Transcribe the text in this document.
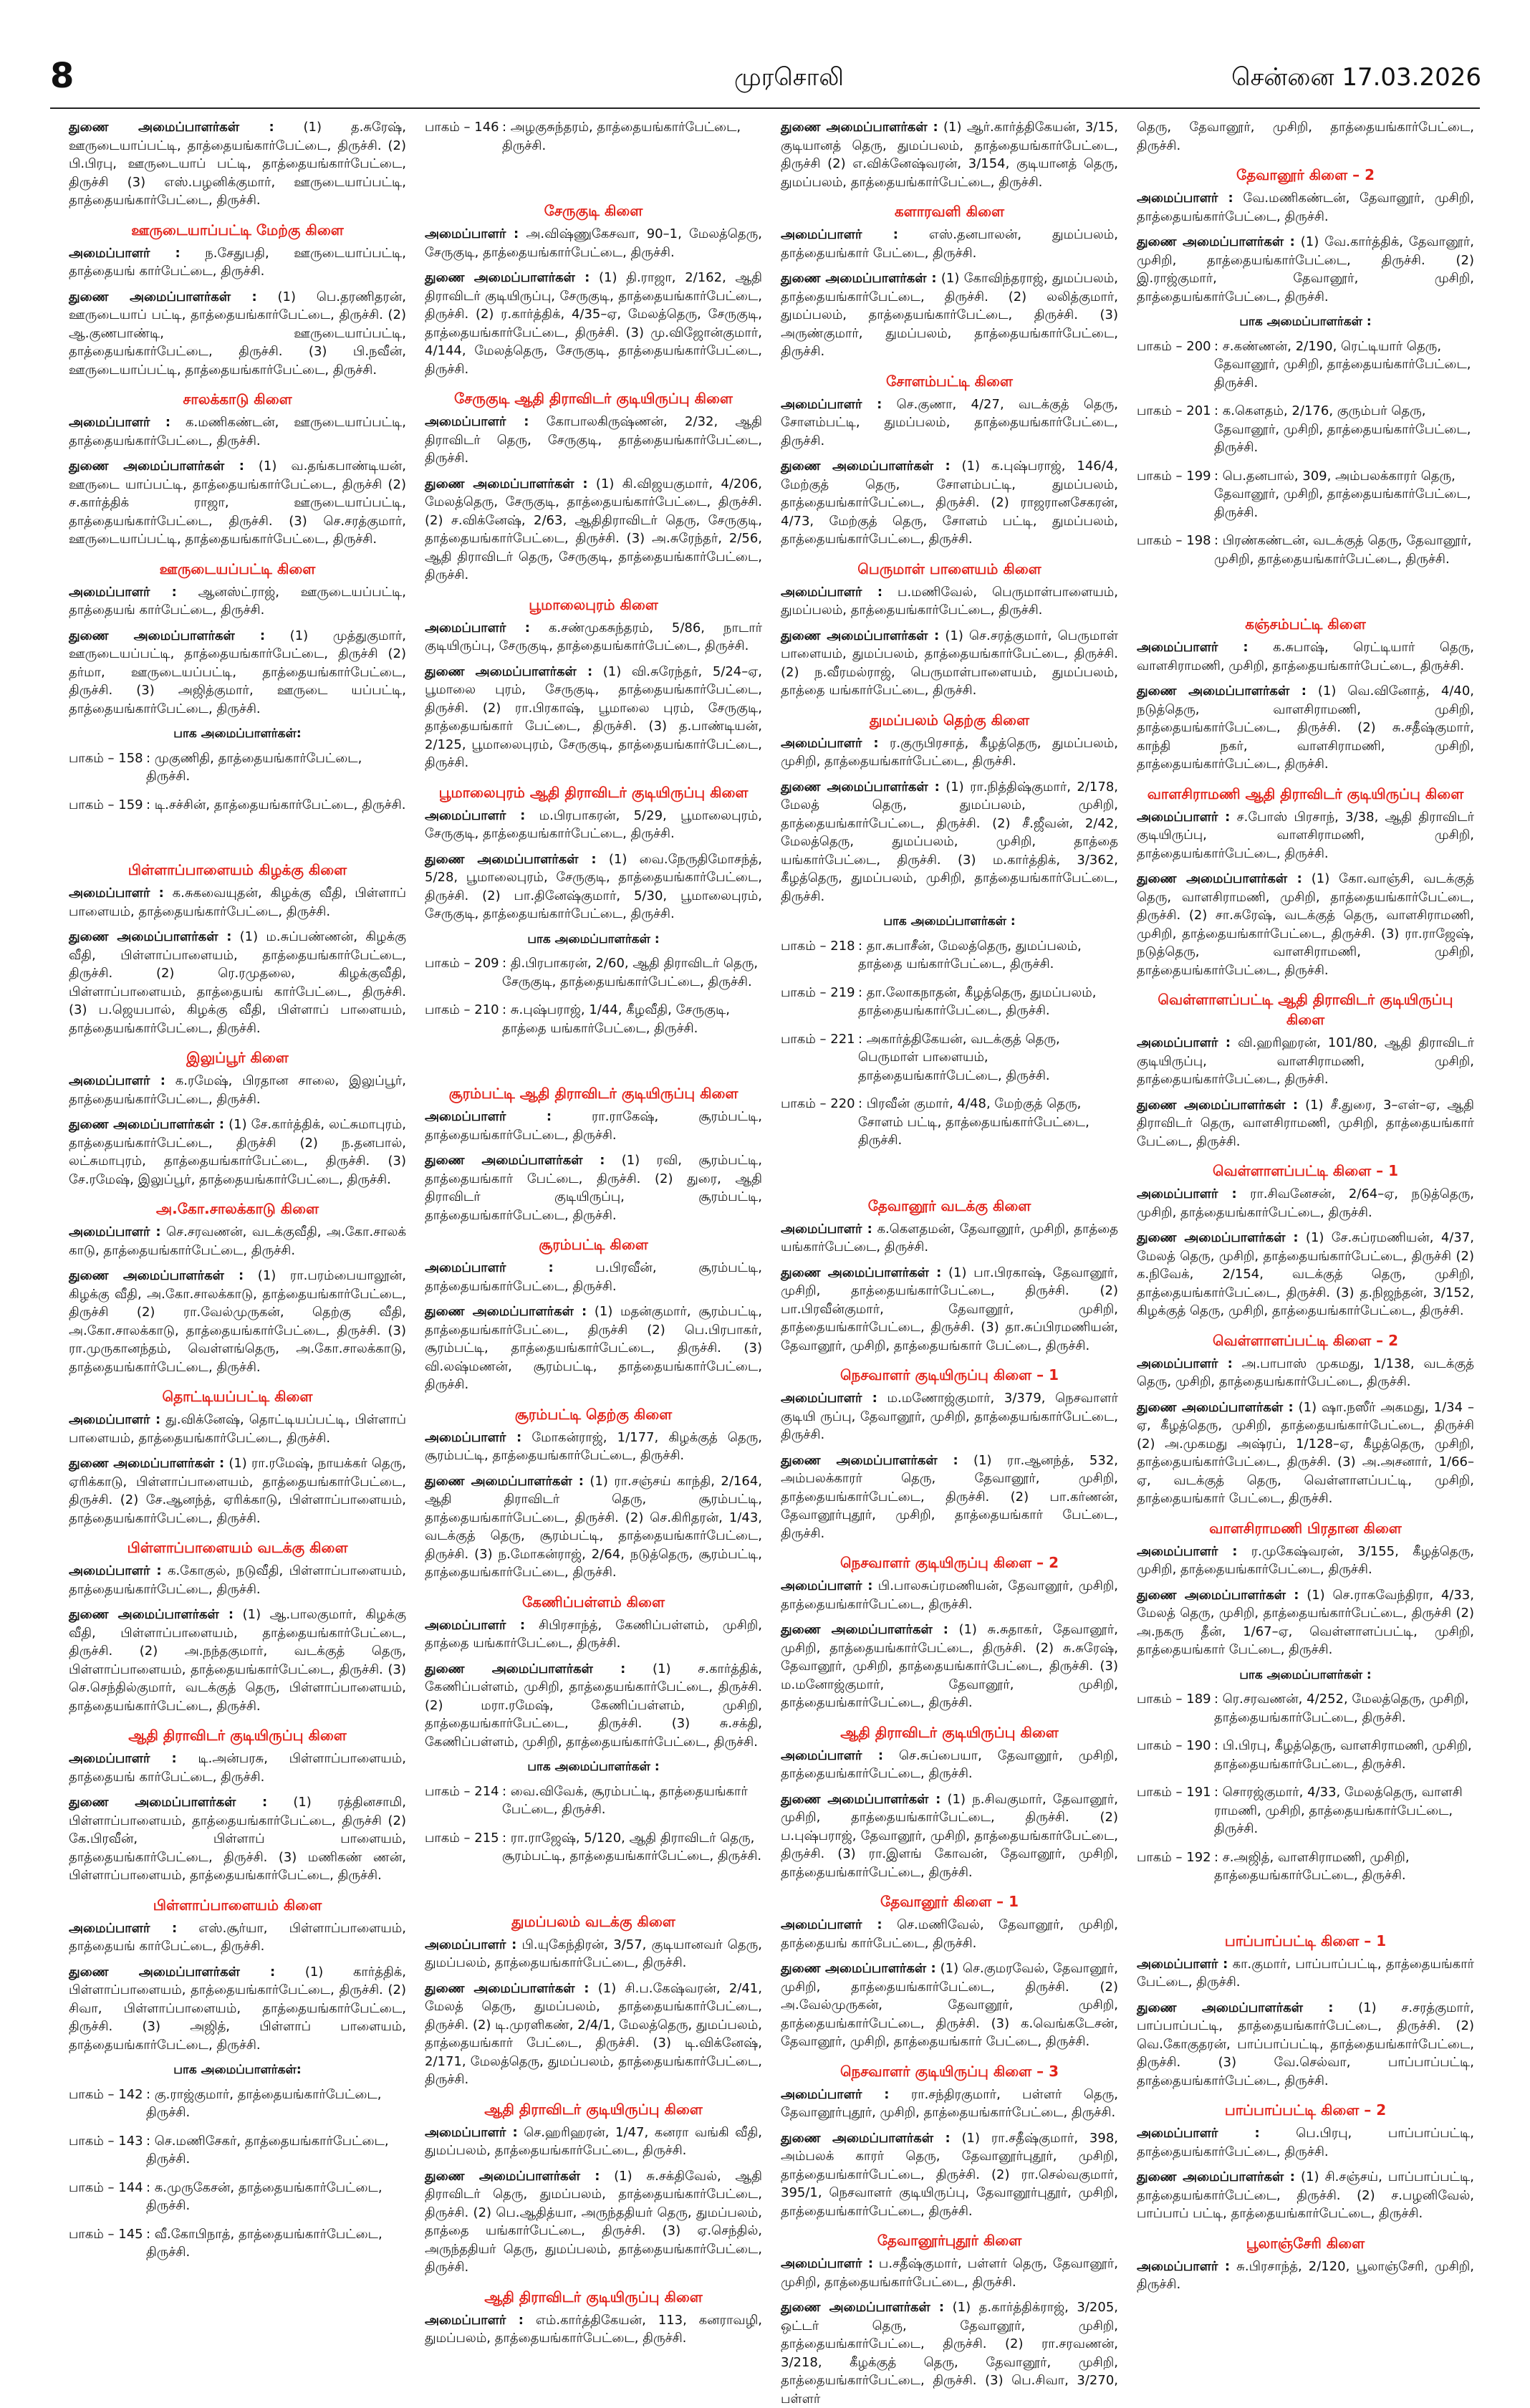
8	முரசொலி	சென்னை 17.03.2026

துணை அமைப்பாளர்கள் : (1) த.சுரேஷ், ஊருடையாப்பட்டி, தாத்தையங்கார்பேட்டை, திருச்சி. (2) பி.பிரபு, ஊருடையாப் பட்டி, தாத்தையங்கார்பேட்டை, திருச்சி (3) எஸ்.பழனிக்குமார், ஊருடையாப்பட்டி, தாத்தையங்கார்பேட்டை, திருச்சி.

ஊருடையாப்பட்டி மேற்கு கிளை

அமைப்பாளர் : ந.சேதுபதி, ஊருடையாப்பட்டி, தாத்தையங் கார்பேட்டை, திருச்சி.

துணை அமைப்பாளர்கள் : (1) பெ.தரணிதரன், ஊருடையாப் பட்டி, தாத்தையங்கார்பேட்டை, திருச்சி. (2) ஆ.குணபாண்டி, ஊருடையாப்பட்டி, தாத்தையங்கார்பேட்டை, திருச்சி. (3) பி.நவீன், ஊருடையாப்பட்டி, தாத்தையங்கார்பேட்டை, திருச்சி.

சாலக்காடு கிளை

அமைப்பாளர் : க.மணிகண்டன், ஊருடையாப்பட்டி, தாத்தையங்கார்பேட்டை, திருச்சி.

துணை அமைப்பாளர்கள் : (1) வ.தங்கபாண்டியன், ஊருடை யாப்பட்டி, தாத்தையங்கார்பேட்டை, திருச்சி (2) ச.கார்த்திக் ராஜா, ஊருடையாப்பட்டி, தாத்தையங்கார்பேட்டை, திருச்சி. (3) செ.சரத்குமார், ஊருடையாப்பட்டி, தாத்தையங்கார்பேட்டை, திருச்சி.

ஊருடையப்பட்டி கிளை

அமைப்பாளர் : ஆனஸ்ட்ராஜ், ஊருடையப்பட்டி, தாத்தையங் கார்பேட்டை, திருச்சி.

துணை அமைப்பாளர்கள் : (1) முத்துகுமார், ஊருடையப்பட்டி, தாத்தையங்கார்பேட்டை, திருச்சி (2) தர்மா, ஊருடையப்பட்டி, தாத்தையங்கார்பேட்டை, திருச்சி. (3) அஜித்குமார், ஊருடை யப்பட்டி, தாத்தையங்கார்பேட்டை, திருச்சி.

பாக அமைப்பாளர்கள்:
பாகம் – 158 : முகுணிதி, தாத்தையங்கார்பேட்டை, திருச்சி.
பாகம் – 159 : டி.சச்சின், தாத்தையங்கார்பேட்டை, திருச்சி.
பிள்ளாப்பாளையம் கிழக்கு கிளை

அமைப்பாளர் : க.சுகவையுதன், கிழக்கு வீதி, பிள்ளாப் பாளையம், தாத்தையங்கார்பேட்டை, திருச்சி.

துணை அமைப்பாளர்கள் : (1) ம.சுப்பண்ணன், கிழக்கு வீதி, பிள்ளாப்பாளையம், தாத்தையங்கார்பேட்டை, திருச்சி. (2) ரெ.ரமுதலை, கிழக்குவீதி, பிள்ளாப்பாளையம், தாத்தையங் கார்பேட்டை, திருச்சி. (3) ப.ஜெயபால், கிழக்கு வீதி, பிள்ளாப் பாளையம், தாத்தையங்கார்பேட்டை, திருச்சி.

இலுப்பூர் கிளை

அமைப்பாளர் : க.ரமேஷ், பிரதான சாலை, இலுப்பூர், தாத்தையங்கார்பேட்டை, திருச்சி.

துணை அமைப்பாளர்கள் : (1) சே.கார்த்திக், லட்சுமாபுரம், தாத்தையங்கார்பேட்டை, திருச்சி (2) ந.தனபால், லட்சுமாபுரம், தாத்தையங்கார்பேட்டை, திருச்சி. (3) சே.ரமேஷ், இலுப்பூர், தாத்தையங்கார்பேட்டை, திருச்சி.

அ.கோ.சாலக்காடு கிளை

அமைப்பாளர் : செ.சரவணன், வடக்குவீதி, அ.கோ.சாலக் காடு, தாத்தையங்கார்பேட்டை, திருச்சி.

துணை அமைப்பாளர்கள் : (1) ரா.பரம்பையாலூன், கிழக்கு வீதி, அ.கோ.சாலக்காடு, தாத்தையங்கார்பேட்டை, திருச்சி (2) ரா.வேல்முருகன், தெற்கு வீதி, அ.கோ.சாலக்காடு, தாத்தையங்கார்பேட்டை, திருச்சி. (3) ரா.முருகானந்தம், வெள்ளங்தெரு, அ.கோ.சாலக்காடு, தாத்தையங்கார்பேட்டை, திருச்சி.

தொட்டியப்பட்டி கிளை

அமைப்பாளர் : து.விக்னேஷ், தொட்டியப்பட்டி, பிள்ளாப் பாளையம், தாத்தையங்கார்பேட்டை, திருச்சி.

துணை அமைப்பாளர்கள் : (1) ரா.ரமேஷ், நாயக்கர் தெரு, ஏரிக்காடு, பிள்ளாப்பாளையம், தாத்தையங்கார்பேட்டை, திருச்சி. (2) சே.ஆனந்த், ஏரிக்காடு, பிள்ளாப்பாளையம், தாத்தையங்கார்பேட்டை, திருச்சி.

பிள்ளாப்பாளையம் வடக்கு கிளை

அமைப்பாளர் : க.கோகுல், நடுவீதி, பிள்ளாப்பாளையம், தாத்தையங்கார்பேட்டை, திருச்சி.

துணை அமைப்பாளர்கள் : (1) ஆ.பாலகுமார், கிழக்கு வீதி, பிள்ளாப்பாளையம், தாத்தையங்கார்பேட்டை, திருச்சி. (2) அ.நந்தகுமார், வடக்குத் தெரு, பிள்ளாப்பாளையம், தாத்தையங்கார்பேட்டை, திருச்சி. (3) செ.செந்தில்குமார், வடக்குத் தெரு, பிள்ளாப்பாளையம், தாத்தையங்கார்பேட்டை, திருச்சி.

ஆதி திராவிடர் குடியிருப்பு கிளை

அமைப்பாளர் : டி.அன்பரசு, பிள்ளாப்பாளையம், தாத்தையங் கார்பேட்டை, திருச்சி.

துணை அமைப்பாளர்கள் : (1) ரத்தினசாமி, பிள்ளாப்பாளையம், தாத்தையங்கார்பேட்டை, திருச்சி (2) கே.பிரவீன், பிள்ளாப் பாளையம், தாத்தையங்கார்பேட்டை, திருச்சி. (3) மணிகண் ணன், பிள்ளாப்பாளையம், தாத்தையங்கார்பேட்டை, திருச்சி.

பிள்ளாப்பாளையம் கிளை

அமைப்பாளர் : எஸ்.சூர்யா, பிள்ளாப்பாளையம், தாத்தையங் கார்பேட்டை, திருச்சி.

துணை அமைப்பாளர்கள் : (1) கார்த்திக், பிள்ளாப்பாளையம், தாத்தையங்கார்பேட்டை, திருச்சி. (2) சிவா, பிள்ளாப்பாளையம், தாத்தையங்கார்பேட்டை, திருச்சி. (3) அஜித், பிள்ளாப் பாளையம், தாத்தையங்கார்பேட்டை, திருச்சி.

பாக அமைப்பாளர்கள்:
பாகம் – 142 : கு.ராஜ்குமார், தாத்தையங்கார்பேட்டை, திருச்சி.
பாகம் – 143 : செ.மணிசேகர், தாத்தையங்கார்பேட்டை, திருச்சி.
பாகம் – 144 : க.முருகேசன், தாத்தையங்கார்பேட்டை, திருச்சி.
பாகம் – 145 : வீ.கோபிநாத், தாத்தையங்கார்பேட்டை, திருச்சி.
பாகம் – 146 : அழகுசுந்தரம், தாத்தையங்கார்பேட்டை, திருச்சி.
சேருகுடி கிளை

அமைப்பாளர் : அ.விஷ்ணுகேசவா, 90–1, மேலத்தெரு, சேருகுடி, தாத்தையங்கார்பேட்டை, திருச்சி.

துணை அமைப்பாளர்கள் : (1) தி.ராஜா, 2/162, ஆதி திராவிடர் குடியிருப்பு, சேருகுடி, தாத்தையங்கார்பேட்டை, திருச்சி. (2) ர.கார்த்திக், 4/35–ஏ, மேலத்தெரு, சேருகுடி, தாத்தையங்கார்பேட்டை, திருச்சி. (3) மு.விஜோன்குமார், 4/144, மேலத்தெரு, சேருகுடி, தாத்தையங்கார்பேட்டை, திருச்சி.

சேருகுடி ஆதி திராவிடர் குடியிருப்பு கிளை

அமைப்பாளர் : கோபாலகிருஷ்ணன், 2/32, ஆதி திராவிடர் தெரு, சேருகுடி, தாத்தையங்கார்பேட்டை, திருச்சி.

துணை அமைப்பாளர்கள் : (1) கி.விஜயகுமார், 4/206, மேலத்தெரு, சேருகுடி, தாத்தையங்கார்பேட்டை, திருச்சி. (2) ச.விக்னேஷ், 2/63, ஆதிதிராவிடர் தெரு, சேருகுடி, தாத்தையங்கார்பேட்டை, திருச்சி. (3) அ.சுரேந்தர், 2/56, ஆதி திராவிடர் தெரு, சேருகுடி, தாத்தையங்கார்பேட்டை, திருச்சி.

பூமாலைபுரம் கிளை

அமைப்பாளர் : க.சண்முகசுந்தரம், 5/86, நாடார் குடியிருப்பு, சேருகுடி, தாத்தையங்கார்பேட்டை, திருச்சி.

துணை அமைப்பாளர்கள் : (1) வி.சுரேந்தர், 5/24–ஏ, பூமாலை புரம், சேருகுடி, தாத்தையங்கார்பேட்டை, திருச்சி. (2) ரா.பிரகாஷ், பூமாலை புரம், சேருகுடி, தாத்தையங்கார் பேட்டை, திருச்சி. (3) த.பாண்டியன், 2/125, பூமாலைபுரம், சேருகுடி, தாத்தையங்கார்பேட்டை, திருச்சி.

பூமாலைபுரம் ஆதி திராவிடர் குடியிருப்பு கிளை

அமைப்பாளர் : ம.பிரபாகரன், 5/29, பூமாலைபுரம், சேருகுடி, தாத்தையங்கார்பேட்டை, திருச்சி.

துணை அமைப்பாளர்கள் : (1) வை.நேருதிமோசந்த், 5/28, பூமாலைபுரம், சேருகுடி, தாத்தையங்கார்பேட்டை, திருச்சி. (2) பா.தினேஷ்குமார், 5/30, பூமாலைபுரம், சேருகுடி, தாத்தையங்கார்பேட்டை, திருச்சி.

பாக அமைப்பாளர்கள் :
பாகம் – 209 : தி.பிரபாகரன், 2/60, ஆதி திராவிடர் தெரு, சேருகுடி, தாத்தையங்கார்பேட்டை, திருச்சி.
பாகம் – 210 : சு.புஷ்பராஜ், 1/44, கீழவீதி, சேருகுடி, தாத்தை யங்கார்பேட்டை, திருச்சி.
சூரம்பட்டி ஆதி திராவிடர் குடியிருப்பு கிளை

அமைப்பாளர் : ரா.ராகேஷ், சூரம்பட்டி, தாத்தையங்கார்பேட்டை, திருச்சி.

துணை அமைப்பாளர்கள் : (1) ரவி, சூரம்பட்டி, தாத்தையங்கார் பேட்டை, திருச்சி. (2) துரை, ஆதி திராவிடர் குடியிருப்பு, சூரம்பட்டி, தாத்தையங்கார்பேட்டை, திருச்சி.

சூரம்பட்டி கிளை

அமைப்பாளர் : ப.பிரவீன், சூரம்பட்டி, தாத்தையங்கார்பேட்டை, திருச்சி.

துணை அமைப்பாளர்கள் : (1) மதன்குமார், சூரம்பட்டி, தாத்தையங்கார்பேட்டை, திருச்சி (2) பெ.பிரபாகர், சூரம்பட்டி, தாத்தையங்கார்பேட்டை, திருச்சி. (3) வி.லஷ்மணன், சூரம்பட்டி, தாத்தையங்கார்பேட்டை, திருச்சி.

சூரம்பட்டி தெற்கு கிளை

அமைப்பாளர் : மோகன்ராஜ், 1/177, கிழக்குத் தெரு, சூரம்பட்டி, தாத்தையங்கார்பேட்டை, திருச்சி.

துணை அமைப்பாளர்கள் : (1) ரா.சஞ்சய் காந்தி, 2/164, ஆதி திராவிடர் தெரு, சூரம்பட்டி, தாத்தையங்கார்பேட்டை, திருச்சி. (2) செ.கிரிதரன், 1/43, வடக்குத் தெரு, சூரம்பட்டி, தாத்தையங்கார்பேட்டை, திருச்சி. (3) ந.மோகன்ராஜ், 2/64, நடுத்தெரு, சூரம்பட்டி, தாத்தையங்கார்பேட்டை, திருச்சி.

கேணிப்பள்ளம் கிளை

அமைப்பாளர் : சிபிரசாந்த், கேணிப்பள்ளம், முசிறி, தாத்தை யங்கார்பேட்டை, திருச்சி.

துணை அமைப்பாளர்கள் : (1) ச.கார்த்திக், கேணிப்பள்ளம், முசிறி, தாத்தையங்கார்பேட்டை, திருச்சி. (2) மரா.ரமேஷ், கேணிப்பள்ளம், முசிறி, தாத்தையங்கார்பேட்டை, திருச்சி. (3) சு.சக்தி, கேணிப்பள்ளம், முசிறி, தாத்தையங்கார்பேட்டை, திருச்சி.

பாக அமைப்பாளர்கள் :
பாகம் – 214 : வை.விவேக், சூரம்பட்டி, தாத்தையங்கார் பேட்டை, திருச்சி.
பாகம் – 215 : ரா.ராஜேஷ், 5/120, ஆதி திராவிடர் தெரு, சூரம்பட்டி, தாத்தையங்கார்பேட்டை, திருச்சி.
துமப்பலம் வடக்கு கிளை

அமைப்பாளர் : பி.யுகேந்திரன், 3/57, குடியானவர் தெரு, துமப்பலம், தாத்தையங்கார்பேட்டை, திருச்சி.

துணை அமைப்பாளர்கள் : (1) சி.ப.கேஷ்வரன், 2/41, மேலத் தெரு, துமப்பலம், தாத்தையங்கார்பேட்டை, திருச்சி. (2) டி.முரளிகண், 2/4/1, மேலத்தெரு, துமப்பலம், தாத்தையங்கார் பேட்டை, திருச்சி. (3) டி.விக்னேஷ், 2/171, மேலத்தெரு, துமப்பலம், தாத்தையங்கார்பேட்டை, திருச்சி.

ஆதி திராவிடர் குடியிருப்பு கிளை

அமைப்பாளர் : செ.ஹரிஹரன், 1/47, கனரா வங்கி வீதி, துமப்பலம், தாத்தையங்கார்பேட்டை, திருச்சி.

துணை அமைப்பாளர்கள் : (1) சு.சக்திவேல், ஆதி திராவிடர் தெரு, துமப்பலம், தாத்தையங்கார்பேட்டை, திருச்சி. (2) பெ.ஆதித்யா, அருந்ததியர் தெரு, துமப்பலம், தாத்தை யங்கார்பேட்டை, திருச்சி. (3) ஏ.செந்தில், அருந்ததியர் தெரு, துமப்பலம், தாத்தையங்கார்பேட்டை, திருச்சி.

ஆதி திராவிடர் குடியிருப்பு கிளை

அமைப்பாளர் : எம்.கார்த்திகேயன், 113, கனராவழி, துமப்பலம், தாத்தையங்கார்பேட்டை, திருச்சி.

துணை அமைப்பாளர்கள் : (1) ஆர்.கார்த்திகேயன், 3/15, குடியானத் தெரு, துமப்பலம், தாத்தையங்கார்பேட்டை, திருச்சி (2) எ.விக்னேஷ்வரன், 3/154, குடியானத் தெரு, துமப்பலம், தாத்தையங்கார்பேட்டை, திருச்சி.

களாரவளி கிளை

அமைப்பாளர் : எஸ்.தனபாலன், துமப்பலம், தாத்தையங்கார் பேட்டை, திருச்சி.

துணை அமைப்பாளர்கள் : (1) கோவிந்தராஜ், துமப்பலம், தாத்தையங்கார்பேட்டை, திருச்சி. (2) லலித்குமார், துமப்பலம், தாத்தையங்கார்பேட்டை, திருச்சி. (3) அருண்குமார், துமப்பலம், தாத்தையங்கார்பேட்டை, திருச்சி.

சோளம்பட்டி கிளை

அமைப்பாளர் : செ.குணா, 4/27, வடக்குத் தெரு, சோளம்பட்டி, துமப்பலம், தாத்தையங்கார்பேட்டை, திருச்சி.

துணை அமைப்பாளர்கள் : (1) க.புஷ்பராஜ், 146/4, மேற்குத் தெரு, சோளம்பட்டி, துமப்பலம், தாத்தையங்கார்பேட்டை, திருச்சி. (2) ராஜரானசேகரன், 4/73, மேற்குத் தெரு, சோளம் பட்டி, துமப்பலம், தாத்தையங்கார்பேட்டை, திருச்சி.

பெருமாள் பாளையம் கிளை

அமைப்பாளர் : ப.மணிவேல், பெருமாள்பாளையம், துமப்பலம், தாத்தையங்கார்பேட்டை, திருச்சி.

துணை அமைப்பாளர்கள் : (1) செ.சரத்குமார், பெருமாள் பாளையம், துமப்பலம், தாத்தையங்கார்பேட்டை, திருச்சி. (2) ந.வீரமல்ராஜ், பெருமாள்பாளையம், துமப்பலம், தாத்தை யங்கார்பேட்டை, திருச்சி.

துமப்பலம் தெற்கு கிளை

அமைப்பாளர் : ர.குருபிரசாத், கீழத்தெரு, துமப்பலம், முசிறி, தாத்தையங்கார்பேட்டை, திருச்சி.

துணை அமைப்பாளர்கள் : (1) ரா.நித்திஷ்குமார், 2/178, மேலத் தெரு, துமப்பலம், முசிறி, தாத்தையங்கார்பேட்டை, திருச்சி. (2) சீ.ஜீவன், 2/42, மேலத்தெரு, துமப்பலம், முசிறி, தாத்தை யங்கார்பேட்டை, திருச்சி. (3) ம.கார்த்திக், 3/362, கீழத்தெரு, துமப்பலம், முசிறி, தாத்தையங்கார்பேட்டை, திருச்சி.

பாக அமைப்பாளர்கள் :
பாகம் – 218 : தா.சுபாசீன், மேலத்தெரு, துமப்பலம், தாத்தை யங்கார்பேட்டை, திருச்சி.
பாகம் – 219 : தா.லோகநாதன், கீழத்தெரு, துமப்பலம், தாத்தையங்கார்பேட்டை, திருச்சி.
பாகம் – 221 : அகார்த்திகேயன், வடக்குத் தெரு, பெருமாள் பாளையம், தாத்தையங்கார்பேட்டை, திருச்சி.
பாகம் – 220 : பிரவீன் குமார், 4/48, மேற்குத் தெரு, சோளம் பட்டி, தாத்தையங்கார்பேட்டை, திருச்சி.
தேவானூர் வடக்கு கிளை

அமைப்பாளர் : க.கௌதமன், தேவானூர், முசிறி, தாத்தை யங்கார்பேட்டை, திருச்சி.

துணை அமைப்பாளர்கள் : (1) பா.பிரகாஷ், தேவானூர், முசிறி, தாத்தையங்கார்பேட்டை, திருச்சி. (2) பா.பிரவீன்குமார், தேவானூர், முசிறி, தாத்தையங்கார்பேட்டை, திருச்சி. (3) தா.சுப்பிரமணியன், தேவானூர், முசிறி, தாத்தையங்கார் பேட்டை, திருச்சி.

நெசவாளர் குடியிருப்பு கிளை – 1

அமைப்பாளர் : ம.மணோஜ்குமார், 3/379, நெசவாளர் குடியி ருப்பு, தேவானூர், முசிறி, தாத்தையங்கார்பேட்டை, திருச்சி.

துணை அமைப்பாளர்கள் : (1) ரா.ஆனந்த், 532, அம்பலக்காரர் தெரு, தேவானூர், முசிறி, தாத்தையங்கார்பேட்டை, திருச்சி. (2) பா.கர்ணன், தேவானூர்புதூர், முசிறி, தாத்தையங்கார் பேட்டை, திருச்சி.

நெசவாளர் குடியிருப்பு கிளை – 2

அமைப்பாளர் : பி.பாலசுப்ரமணியன், தேவானூர், முசிறி, தாத்தையங்கார்பேட்டை, திருச்சி.

துணை அமைப்பாளர்கள் : (1) சு.சுதாகர், தேவானூர், முசிறி, தாத்தையங்கார்பேட்டை, திருச்சி. (2) சு.சுரேஷ், தேவானூர், முசிறி, தாத்தையங்கார்பேட்டை, திருச்சி. (3) ம.மனோஜ்குமார், தேவானூர், முசிறி, தாத்தையங்கார்பேட்டை, திருச்சி.

ஆதி திராவிடர் குடியிருப்பு கிளை

அமைப்பாளர் : செ.சுப்பையா, தேவானூர், முசிறி, தாத்தையங்கார்பேட்டை, திருச்சி.

துணை அமைப்பாளர்கள் : (1) ந.சிவகுமார், தேவானூர், முசிறி, தாத்தையங்கார்பேட்டை, திருச்சி. (2) ப.புஷ்பராஜ், தேவானூர், முசிறி, தாத்தையங்கார்பேட்டை, திருச்சி. (3) ரா.இளங் கோவன், தேவானூர், முசிறி, தாத்தையங்கார்பேட்டை, திருச்சி.

தேவானூர் கிளை – 1

அமைப்பாளர் : செ.மணிவேல், தேவானூர், முசிறி, தாத்தையங் கார்பேட்டை, திருச்சி.

துணை அமைப்பாளர்கள் : (1) செ.குமரவேல், தேவானூர், முசிறி, தாத்தையங்கார்பேட்டை, திருச்சி. (2) அ.வேல்முருகன், தேவானூர், முசிறி, தாத்தையங்கார்பேட்டை, திருச்சி. (3) க.வெங்கடேசன், தேவானூர், முசிறி, தாத்தையங்கார் பேட்டை, திருச்சி.

நெசவாளர் குடியிருப்பு கிளை – 3

அமைப்பாளர் : ரா.சந்திரகுமார், பள்ளர் தெரு, தேவானூர்புதூர், முசிறி, தாத்தையங்கார்பேட்டை, திருச்சி.

துணை அமைப்பாளர்கள் : (1) ரா.சதீஷ்குமார், 398, அம்பலக் காரர் தெரு, தேவானூர்புதூர், முசிறி, தாத்தையங்கார்பேட்டை, திருச்சி. (2) ரா.செல்வகுமார், 395/1, நெசவாளர் குடியிருப்பு, தேவானூர்புதூர், முசிறி, தாத்தையங்கார்பேட்டை, திருச்சி.

தேவானூர்புதூர் கிளை

அமைப்பாளர் : ப.சதீஷ்குமார், பள்ளர் தெரு, தேவானூர், முசிறி, தாத்தையங்கார்பேட்டை, திருச்சி.

துணை அமைப்பாளர்கள் : (1) த.கார்த்திக்ராஜ், 3/205, ஒட்டர் தெரு, தேவானூர், முசிறி, தாத்தையங்கார்பேட்டை, திருச்சி. (2) ரா.சரவணன், 3/218, கீழக்குத் தெரு, தேவானூர், முசிறி, தாத்தையங்கார்பேட்டை, திருச்சி. (3) பெ.சிவா, 3/270, பள்ளர்

தெரு, தேவானூர், முசிறி, தாத்தையங்கார்பேட்டை, திருச்சி.

தேவானூர் கிளை – 2

அமைப்பாளர் : வே.மணிகண்டன், தேவானூர், முசிறி, தாத்தையங்கார்பேட்டை, திருச்சி.

துணை அமைப்பாளர்கள் : (1) வே.கார்த்திக், தேவானூர், முசிறி, தாத்தையங்கார்பேட்டை, திருச்சி. (2) இ.ராஜ்குமார், தேவானூர், முசிறி, தாத்தையங்கார்பேட்டை, திருச்சி.

பாக அமைப்பாளர்கள் :
பாகம் – 200 : ச.கண்ணன், 2/190, ரெட்டியார் தெரு, தேவானூர், முசிறி, தாத்தையங்கார்பேட்டை, திருச்சி.
பாகம் – 201 : க.கௌதம், 2/176, குரும்பர் தெரு, தேவானூர், முசிறி, தாத்தையங்கார்பேட்டை, திருச்சி.
பாகம் – 199 : பெ.தனபால், 309, அம்பலக்காரர் தெரு, தேவானூர், முசிறி, தாத்தையங்கார்பேட்டை, திருச்சி.
பாகம் – 198 : பிரண்கண்டன், வடக்குத் தெரு, தேவானூர், முசிறி, தாத்தையங்கார்பேட்டை, திருச்சி.
கஞ்சம்பட்டி கிளை

அமைப்பாளர் : க.சுபாஷ், ரெட்டியார் தெரு, வாளசிராமணி, முசிறி, தாத்தையங்கார்பேட்டை, திருச்சி.

துணை அமைப்பாளர்கள் : (1) வெ.வினோத், 4/40, நடுத்தெரு, வாளசிராமணி, முசிறி, தாத்தையங்கார்பேட்டை, திருச்சி. (2) சு.சதீஷ்குமார், காந்தி நகர், வாளசிராமணி, முசிறி, தாத்தையங்கார்பேட்டை, திருச்சி.

வாளசிராமணி ஆதி திராவிடர் குடியிருப்பு கிளை

அமைப்பாளர் : ச.போஸ் பிரசாந், 3/38, ஆதி திராவிடர் குடியிருப்பு, வாளசிராமணி, முசிறி, தாத்தையங்கார்பேட்டை, திருச்சி.

துணை அமைப்பாளர்கள் : (1) கோ.வாஞ்சி, வடக்குத் தெரு, வாளசிராமணி, முசிறி, தாத்தையங்கார்பேட்டை, திருச்சி. (2) சா.சுரேஷ், வடக்குத் தெரு, வாளசிராமணி, முசிறி, தாத்தையங்கார்பேட்டை, திருச்சி. (3) ரா.ராஜேஷ், நடுத்தெரு, வாளசிராமணி, முசிறி, தாத்தையங்கார்பேட்டை, திருச்சி.

வெள்ளாளப்பட்டி ஆதி திராவிடர் குடியிருப்பு கிளை

அமைப்பாளர் : வி.ஹரிஹரன், 101/80, ஆதி திராவிடர் குடியிருப்பு, வாளசிராமணி, முசிறி, தாத்தையங்கார்பேட்டை, திருச்சி.

துணை அமைப்பாளர்கள் : (1) சீ.துரை, 3–எள்–ஏ, ஆதி திராவிடர் தெரு, வாளசிராமணி, முசிறி, தாத்தையங்கார் பேட்டை, திருச்சி.

வெள்ளாளப்பட்டி கிளை – 1

அமைப்பாளர் : ரா.சிவனேசன், 2/64–ஏ, நடுத்தெரு, முசிறி, தாத்தையங்கார்பேட்டை, திருச்சி.

துணை அமைப்பாளர்கள் : (1) சே.சுப்ரமணியன், 4/37, மேலத் தெரு, முசிறி, தாத்தையங்கார்பேட்டை, திருச்சி (2) க.நிவேக், 2/154, வடக்குத் தெரு, முசிறி, தாத்தையங்கார்பேட்டை, திருச்சி. (3) த.நிஜந்தன், 3/152, கிழக்குத் தெரு, முசிறி, தாத்தையங்கார்பேட்டை, திருச்சி.

வெள்ளாளப்பட்டி கிளை – 2

அமைப்பாளர் : அ.பாபாஸ் முகமது, 1/138, வடக்குத் தெரு, முசிறி, தாத்தையங்கார்பேட்டை, திருச்சி.

துணை அமைப்பாளர்கள் : (1) ஷா.நஸீர் அகமது, 1/34 –ஏ, கீழத்தெரு, முசிறி, தாத்தையங்கார்பேட்டை, திருச்சி (2) அ.முகமது அஷ்ரப், 1/128–ஏ, கீழத்தெரு, முசிறி, தாத்தையங்கார்பேட்டை, திருச்சி. (3) அ.அசனார், 1/66–ஏ, வடக்குத் தெரு, வெள்ளாளப்பட்டி, முசிறி, தாத்தையங்கார் பேட்டை, திருச்சி.

வாளசிராமணி பிரதான கிளை

அமைப்பாளர் : ர.முகேஷ்வரன், 3/155, கீழத்தெரு, முசிறி, தாத்தையங்கார்பேட்டை, திருச்சி.

துணை அமைப்பாளர்கள் : (1) செ.ராகவேந்திரா, 4/33, மேலத் தெரு, முசிறி, தாத்தையங்கார்பேட்டை, திருச்சி (2) அ.நகரு தீன், 1/67–ஏ, வெள்ளாளப்பட்டி, முசிறி, தாத்தையங்கார் பேட்டை, திருச்சி.

பாக அமைப்பாளர்கள் :
பாகம் – 189 : ரெ.சரவணன், 4/252, மேலத்தெரு, முசிறி, தாத்தையங்கார்பேட்டை, திருச்சி.
பாகம் – 190 : பி.பிரபு, கீழத்தெரு, வாளசிராமணி, முசிறி, தாத்தையங்கார்பேட்டை, திருச்சி.
பாகம் – 191 : சொரஜ்குமார், 4/33, மேலத்தெரு, வாளசி ராமணி, முசிறி, தாத்தையங்கார்பேட்டை, திருச்சி.
பாகம் – 192 : ச.அஜித், வாளசிராமணி, முசிறி, தாத்தையங்கார்பேட்டை, திருச்சி.
பாப்பாப்பட்டி கிளை – 1

அமைப்பாளர் : கா.குமார், பாப்பாப்பட்டி, தாத்தையங்கார் பேட்டை, திருச்சி.

துணை அமைப்பாளர்கள் : (1) ச.சரத்குமார், பாப்பாப்பட்டி, தாத்தையங்கார்பேட்டை, திருச்சி. (2) வெ.கோகுதரன், பாப்பாப்பட்டி, தாத்தையங்கார்பேட்டை, திருச்சி. (3) வே.செல்வா, பாப்பாப்பட்டி, தாத்தையங்கார்பேட்டை, திருச்சி.

பாப்பாப்பட்டி கிளை – 2

அமைப்பாளர் : பெ.பிரபு, பாப்பாப்பட்டி, தாத்தையங்கார்பேட்டை, திருச்சி.

துணை அமைப்பாளர்கள் : (1) சி.சஞ்சய், பாப்பாப்பட்டி, தாத்தையங்கார்பேட்டை, திருச்சி. (2) ச.பழனிவேல், பாப்பாப் பட்டி, தாத்தையங்கார்பேட்டை, திருச்சி.

பூலாஞ்சேரி கிளை

அமைப்பாளர் : சு.பிரசாந்த், 2/120, பூலாஞ்சேரி, முசிறி, திருச்சி.
